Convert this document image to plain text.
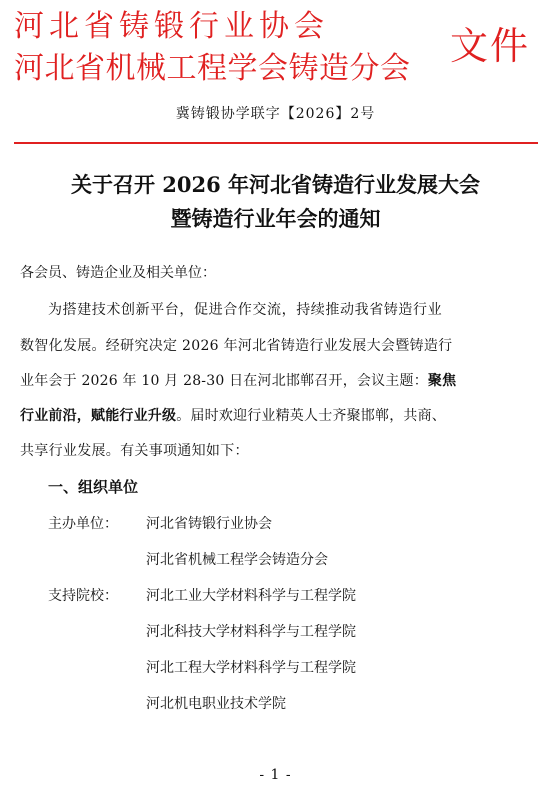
河北省铸锻行业协会
河北省机械工程学会铸造分会
文件
冀铸锻协学联字【2026】2号
关于召开 2026 年河北省铸造行业发展大会
暨铸造行业年会的通知
各会员、铸造企业及相关单位：
为搭建技术创新平台，促进合作交流，持续推动我省铸造行业
数智化发展。经研究决定 2026 年河北省铸造行业发展大会暨铸造行
业年会于 2026 年 10 月 28-30 日在河北邯郸召开，会议主题：聚焦
行业前沿，赋能行业升级。届时欢迎行业精英人士齐聚邯郸，共商、
共享行业发展。有关事项通知如下：
一、组织单位
主办单位： 河北省铸锻行业协会
河北省机械工程学会铸造分会
支持院校： 河北工业大学材料科学与工程学院
河北科技大学材料科学与工程学院
河北工程大学材料科学与工程学院
河北机电职业技术学院
- 1 -
